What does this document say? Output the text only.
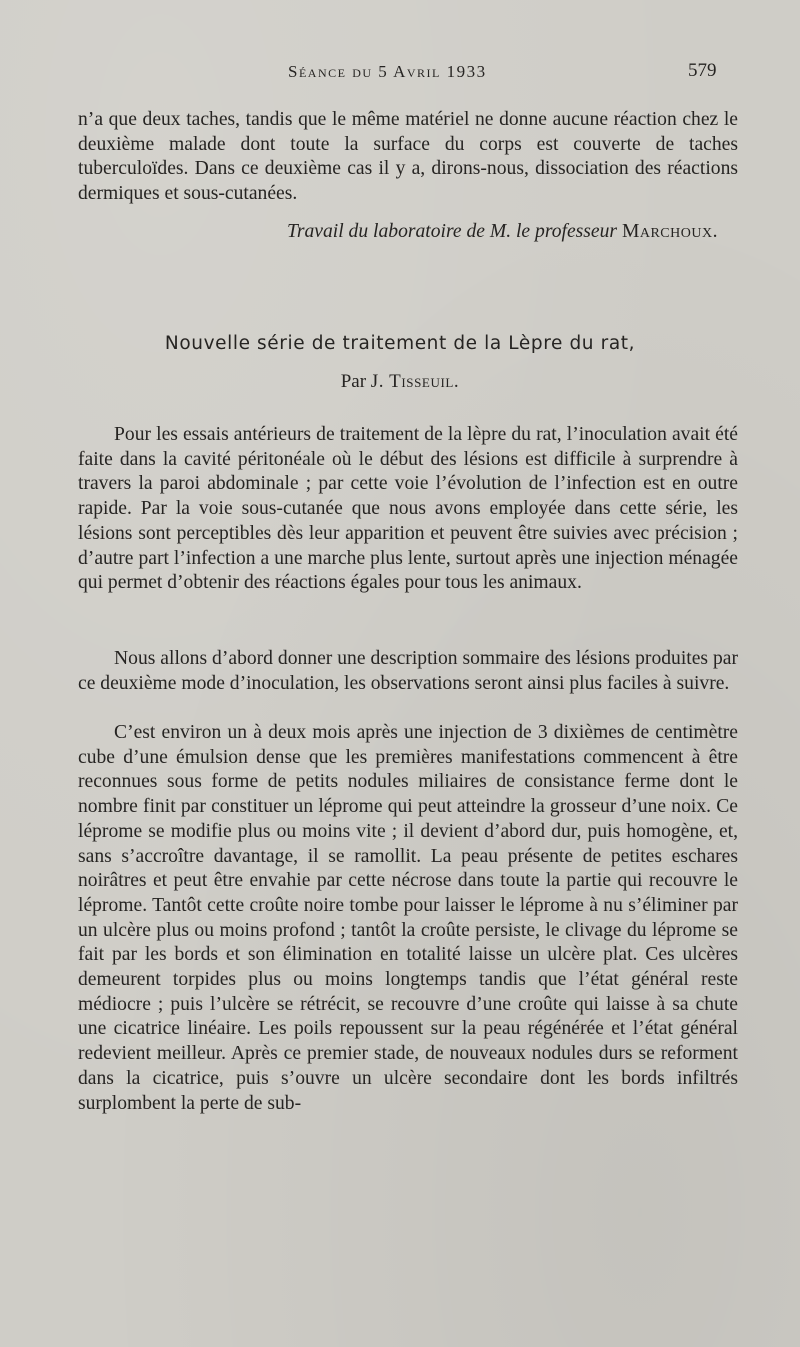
Séance du 5 Avril 1933	579

n’a que deux taches, tandis que le même matériel ne donne aucune réaction chez le deuxième malade dont toute la surface du corps est couverte de taches tuberculoïdes. Dans ce deuxième cas il y a, dirons-nous, dissociation des réactions dermiques et sous-cutanées.

Travail du laboratoire de M. le professeur Marchoux.
Nouvelle série de traitement de la Lèpre du rat,
Par J. Tisseuil.

Pour les essais antérieurs de traitement de la lèpre du rat, l’inoculation avait été faite dans la cavité péritonéale où le début des lésions est difficile à surprendre à travers la paroi abdominale ; par cette voie l’évolution de l’infection est en outre rapide. Par la voie sous-cutanée que nous avons employée dans cette série, les lésions sont perceptibles dès leur apparition et peuvent être suivies avec précision ; d’autre part l’infection a une marche plus lente, surtout après une injection ménagée qui permet d’obtenir des réactions égales pour tous les animaux.

Nous allons d’abord donner une description sommaire des lésions produites par ce deuxième mode d’inoculation, les observations seront ainsi plus faciles à suivre.

C’est environ un à deux mois après une injection de 3 dixièmes de centimètre cube d’une émulsion dense que les premières manifestations commencent à être reconnues sous forme de petits nodules miliaires de consistance ferme dont le nombre finit par constituer un lépromе qui peut atteindre la grosseur d’une noix. Ce léprome se modifie plus ou moins vite ; il devient d’abord dur, puis homogène, et, sans s’accroître davantage, il se ramollit. La peau présente de petites eschares noirâtres et peut être envahie par cette nécrose dans toute la partie qui recouvre le léprome. Tantôt cette croûte noire tombe pour laisser le léprome à nu s’éliminer par un ulcère plus ou moins profond ; tantôt la croûte persiste, le clivage du léprome se fait par les bords et son élimination en totalité laisse un ulcère plat. Ces ulcères demeurent torpides plus ou moins longtemps tandis que l’état général reste médiocre ; puis l’ulcère se rétrécit, se recouvre d’une croûte qui laisse à sa chute une cicatrice linéaire. Les poils repoussent sur la peau régénérée et l’état général redevient meilleur. Après ce premier stade, de nouveaux nodules durs se reforment dans la cicatrice, puis s’ouvre un ulcère secondaire dont les bords infiltrés surplombent la perte de sub-
